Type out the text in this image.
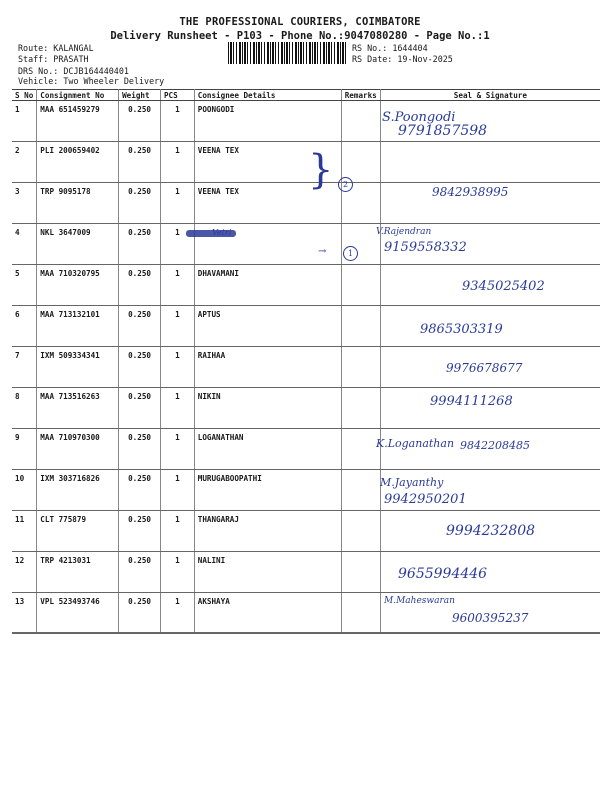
THE PROFESSIONAL COURIERS, COIMBATORE
Delivery Runsheet - P103 - Phone No.:9047080280 - Page No.:1
Route: KALANGAL
Staff: PRASATH
DRS No.: DCJB164440401
Vehicle: Two Wheeler Delivery
RS No.: 1644404
RS Date: 19-Nov-2025
S No	Consignment No	Weight	PCS	Consignee Details	Remarks	Seal & Signature
1	MAA 651459279	0.250	1	POONGODI		
2	PLI 200659402	0.250	1	VEENA TEX		
3	TRP 9095178	0.250	1	VEENA TEX		
4	NKL 3647009	0.250	1			
5	MAA 710320795	0.250	1	DHAVAMANI		
6	MAA 713132101	0.250	1	APTUS		
7	IXM 509334341	0.250	1	RAIHAA		
8	MAA 713516263	0.250	1	NIKIN		
9	MAA 710970300	0.250	1	LOGANATHAN		
10	IXM 303716826	0.250	1	MURUGABOOPATHI		
11	CLT 775879	0.250	1	THANGARAJ		
12	TRP 4213031	0.250	1	NALINI		
13	VPL 523493746	0.250	1	AKSHAYA		
2
1
}
→
S.Poongodi
V.Rajendran
K.Loganathan
M.Jayanthy
M.Maheswaran
9791857598
9842938995
9159558332
9345025402
9865303319
9976678677
9994111268
9842208485
9942950201
9994232808
9655994446
9600395237
